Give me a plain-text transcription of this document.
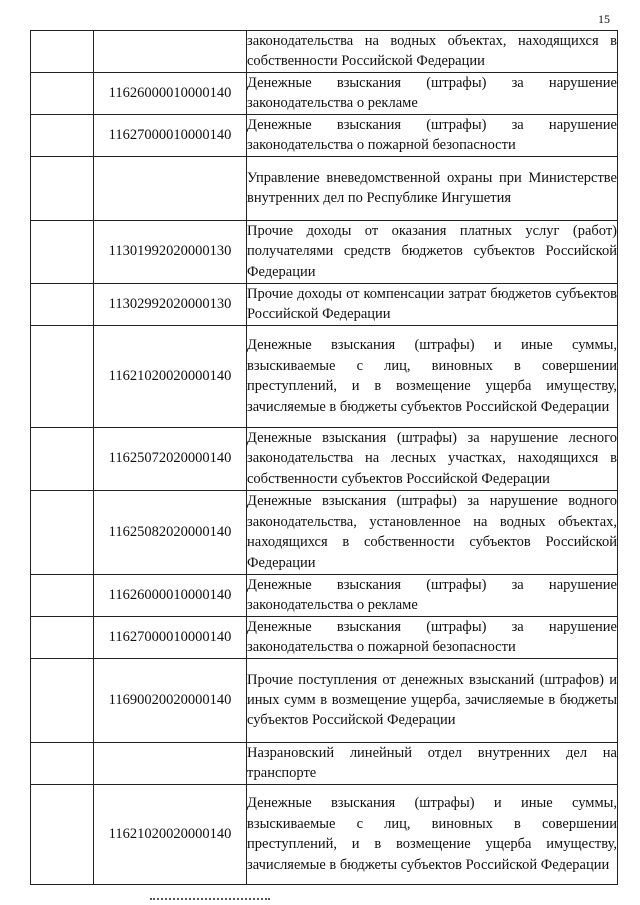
15
		законодательства на водных объектах, находящихся в собственности Российской Федерации
	11626000010000140	Денежные взыскания (штрафы) за нарушение законодательства о рекламе
	11627000010000140	Денежные взыскания (штрафы) за нарушение законодательства о пожарной безопасности
		Управление вневедомственной охраны при Министерстве внутренних дел по Республике Ингушетия
	11301992020000130	Прочие доходы от оказания платных услуг (работ) получателями средств бюджетов субъектов Российской Федерации
	11302992020000130	Прочие доходы от компенсации затрат бюджетов субъектов Российской Федерации
	11621020020000140	Денежные взыскания (штрафы) и иные суммы, взыскиваемые с лиц, виновных в совершении преступлений, и в возмещение ущерба имуществу, зачисляемые в бюджеты субъектов Российской Федерации
	11625072020000140	Денежные взыскания (штрафы) за нарушение лесного законодательства на лесных участках, находящихся в собственности субъектов Российской Федерации
	11625082020000140	Денежные взыскания (штрафы) за нарушение водного законодательства, установленное на водных объектах, находящихся в собственности субъектов Российской Федерации
	11626000010000140	Денежные взыскания (штрафы) за нарушение законодательства о рекламе
	11627000010000140	Денежные взыскания (штрафы) за нарушение законодательства о пожарной безопасности
	11690020020000140	Прочие поступления от денежных взысканий (штрафов) и иных сумм в возмещение ущерба, зачисляемые в бюджеты субъектов Российской Федерации
		Назрановский линейный отдел внутренних дел на транспорте
	11621020020000140	Денежные взыскания (штрафы) и иные суммы, взыскиваемые с лиц, виновных в совершении преступлений, и в возмещение ущерба имуществу, зачисляемые в бюджеты субъектов Российской Федерации
